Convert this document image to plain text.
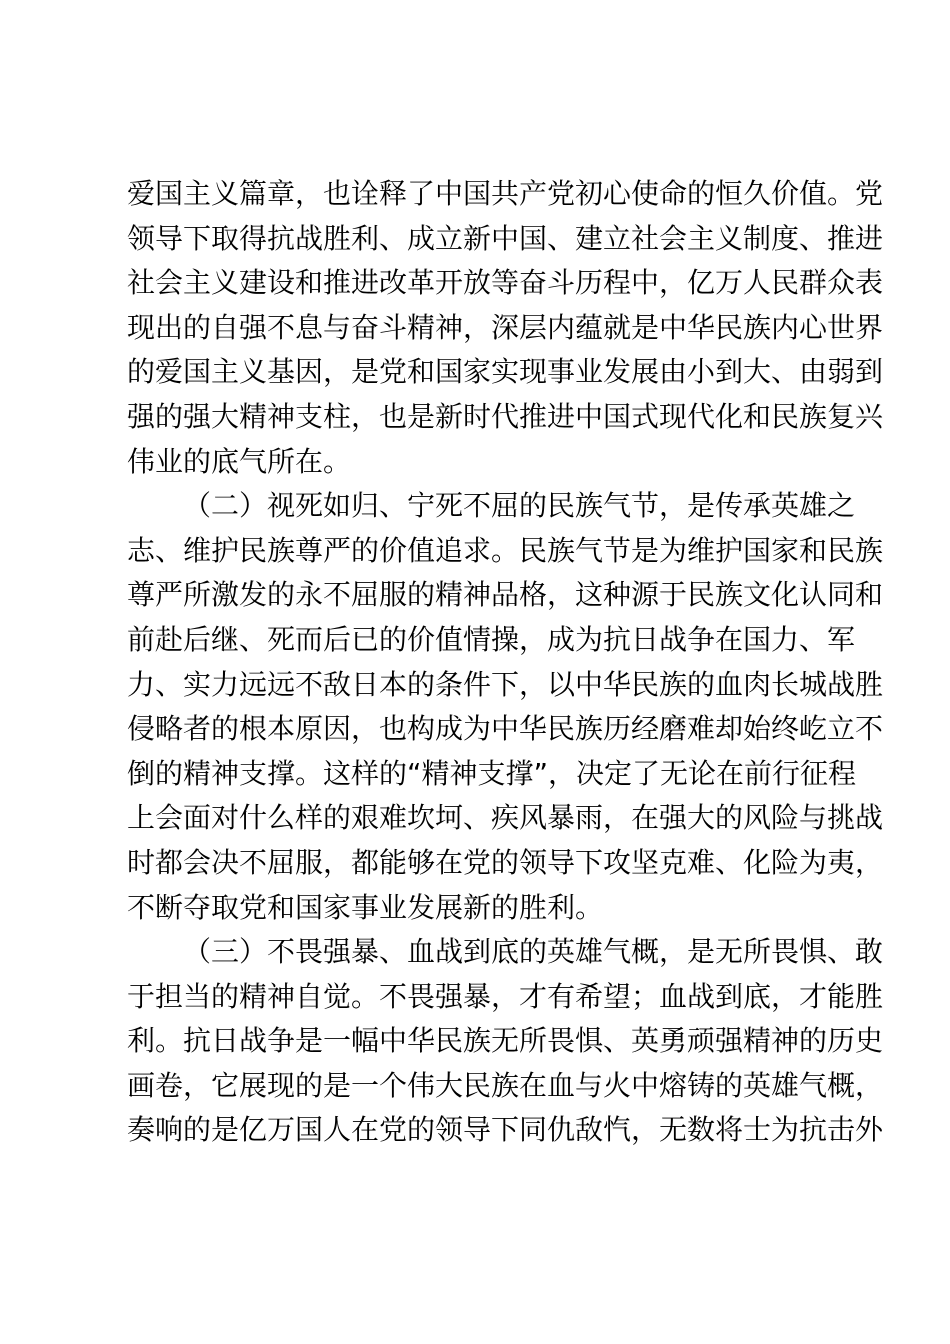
爱国主义篇章，也诠释了中国共产党初心使命的恒久价值。党
领导下取得抗战胜利、成立新中国、建立社会主义制度、推进
社会主义建设和推进改革开放等奋斗历程中，亿万人民群众表
现出的自强不息与奋斗精神，深层内蕴就是中华民族内心世界
的爱国主义基因，是党和国家实现事业发展由小到大、由弱到
强的强大精神支柱，也是新时代推进中国式现代化和民族复兴
伟业的底气所在。
（二）视死如归、宁死不屈的民族气节，是传承英雄之
志、维护民族尊严的价值追求。民族气节是为维护国家和民族
尊严所激发的永不屈服的精神品格，这种源于民族文化认同和
前赴后继、死而后已的价值情操，成为抗日战争在国力、军
力、实力远远不敌日本的条件下，以中华民族的血肉长城战胜
侵略者的根本原因，也构成为中华民族历经磨难却始终屹立不
倒的精神支撑。这样的“精神支撑”，决定了无论在前行征程
上会面对什么样的艰难坎坷、疾风暴雨，在强大的风险与挑战
时都会决不屈服，都能够在党的领导下攻坚克难、化险为夷，
不断夺取党和国家事业发展新的胜利。
（三）不畏强暴、血战到底的英雄气概，是无所畏惧、敢
于担当的精神自觉。不畏强暴，才有希望；血战到底，才能胜
利。抗日战争是一幅中华民族无所畏惧、英勇顽强精神的历史
画卷，它展现的是一个伟大民族在血与火中熔铸的英雄气概，
奏响的是亿万国人在党的领导下同仇敌忾，无数将士为抗击外
